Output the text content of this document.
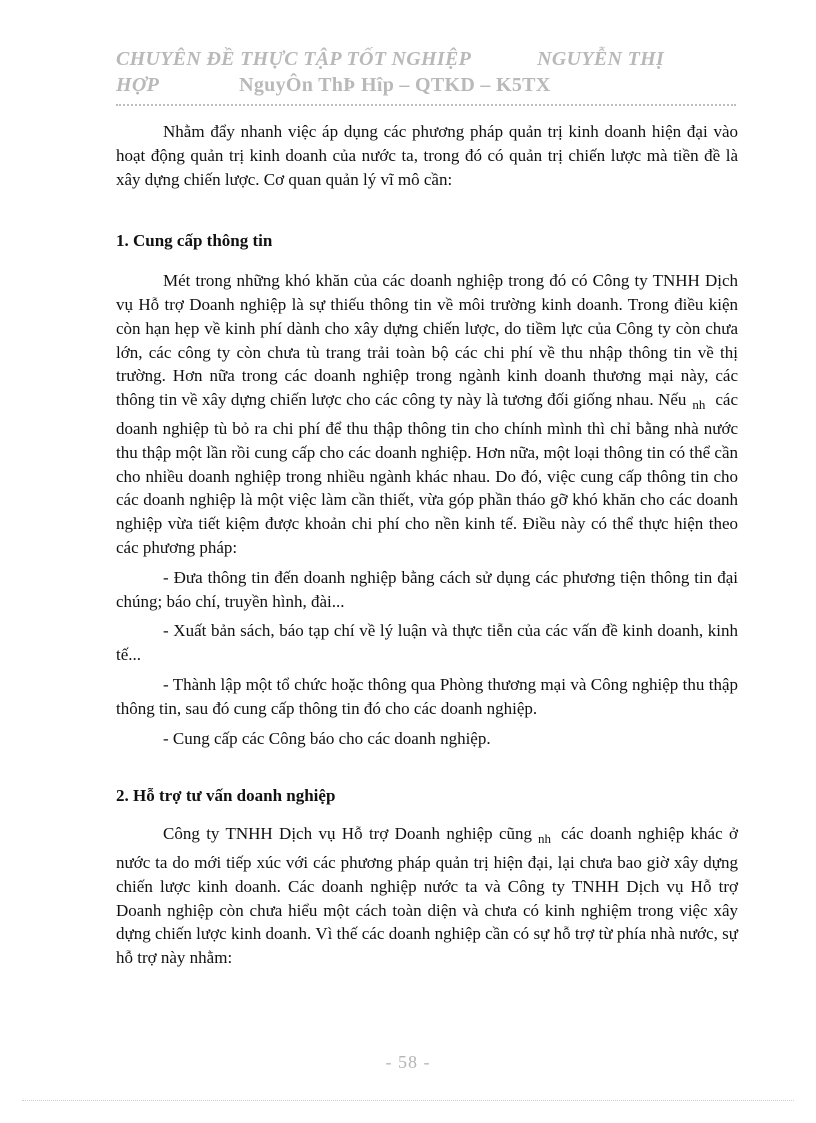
CHUYÊN ĐỀ THỰC TẬP TỐT NGHIỆP	NGUYỄN THỊ
HỢP	NguyÔn ThÞ Hîp – QTKD – K5TX

Nhằm đẩy nhanh việc áp dụng các phương pháp quản trị kinh doanh hiện đại vào hoạt động quản trị kinh doanh của nước ta, trong đó có quản trị chiến lược mà tiền đề là xây dựng chiến lược. Cơ quan quản lý vĩ mô cần:

1. Cung cấp thông tin

Mét trong những khó khăn của các doanh nghiệp trong đó có Công ty TNHH Dịch vụ Hỗ trợ Doanh nghiệp là sự thiếu thông tin về môi trường kinh doanh. Trong điều kiện còn hạn hẹp về kinh phí dành cho xây dựng chiến lược, do tiềm lực của Công ty còn chưa lớn, các công ty còn chưa tù trang trải toàn bộ các chi phí về thu nhập thông tin về thị trường. Hơn nữa trong các doanh nghiệp trong ngành kinh doanh thương mại này, các thông tin về xây dựng chiến lược cho các công ty này là tương đối giống nhau. Nếu $_{nh}$ các doanh nghiệp tù bỏ ra chi phí để thu thập thông tin cho chính mình thì chỉ bằng nhà nước thu thập một lần rồi cung cấp cho các doanh nghiệp. Hơn nữa, một loại thông tin có thể cần cho nhiều doanh nghiệp trong nhiều ngành khác nhau. Do đó, việc cung cấp thông tin cho các doanh nghiệp là một việc làm cần thiết, vừa góp phần tháo gỡ khó khăn cho các doanh nghiệp vừa tiết kiệm được khoản chi phí cho nền kinh tế. Điều này có thể thực hiện theo các phương pháp:

- Đưa thông tin đến doanh nghiệp bằng cách sử dụng các phương tiện thông tin đại chúng; báo chí, truyền hình, đài...

- Xuất bản sách, báo tạp chí về lý luận và thực tiễn của các vấn đề kinh doanh, kinh tế...

- Thành lập một tổ chức hoặc thông qua Phòng thương mại và Công nghiệp thu thập thông tin, sau đó cung cấp thông tin đó cho các doanh nghiệp.

- Cung cấp các Công báo cho các doanh nghiệp.

2. Hỗ trợ tư vấn doanh nghiệp

Công ty TNHH Dịch vụ Hỗ trợ Doanh nghiệp cũng $_{nh}$ các doanh nghiệp khác ở nước ta do mới tiếp xúc với các phương pháp quản trị hiện đại, lại chưa bao giờ xây dựng chiến lược kinh doanh. Các doanh nghiệp nước ta và Công ty TNHH Dịch vụ Hỗ trợ Doanh nghiệp còn chưa hiểu một cách toàn diện và chưa có kinh nghiệm trong việc xây dựng chiến lược kinh doanh. Vì thế các doanh nghiệp cần có sự hỗ trợ từ phía nhà nước, sự hỗ trợ này nhằm:

- 58 -
